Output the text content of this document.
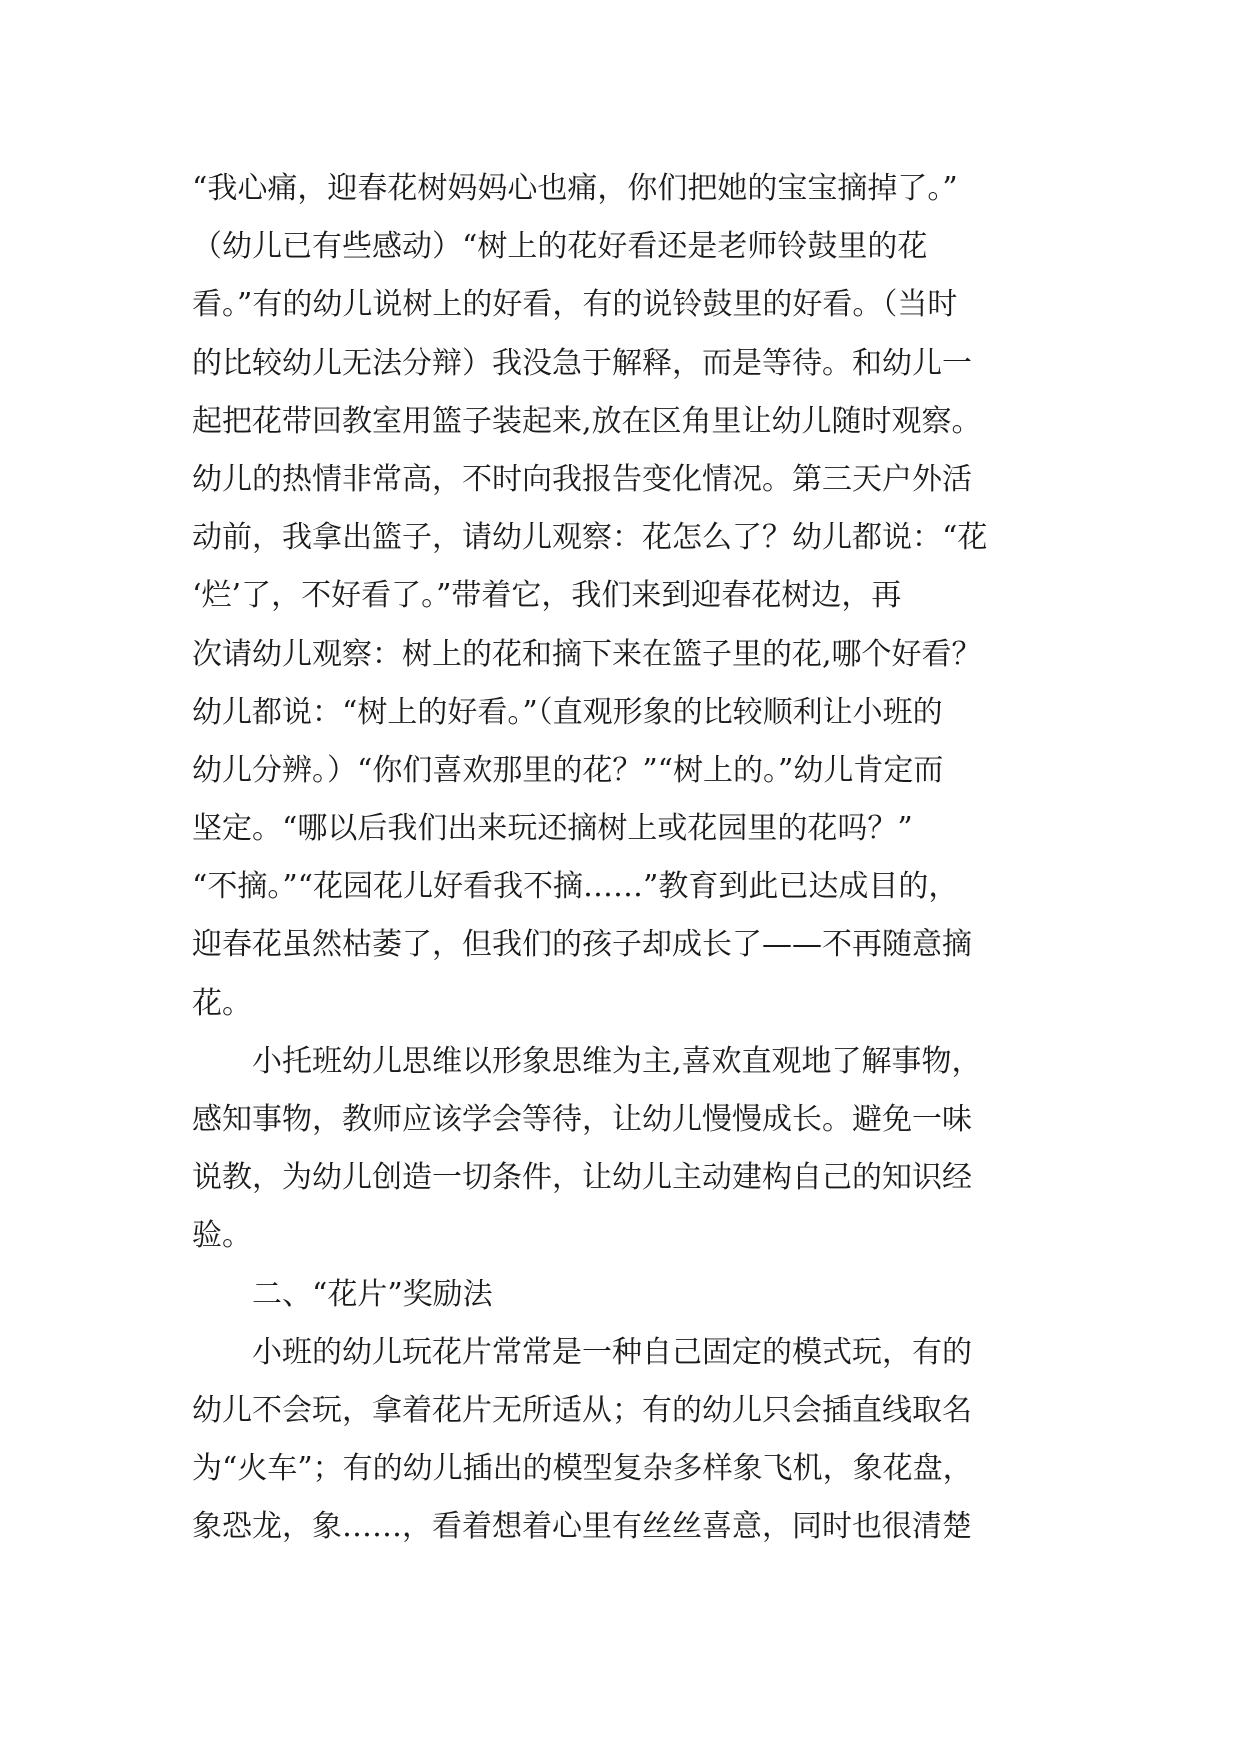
“我心痛，迎春花树妈妈心也痛，你们把她的宝宝摘掉了。”
（幼儿已有些感动）“树上的花好看还是老师铃鼓里的花
看。”有的幼儿说树上的好看，有的说铃鼓里的好看。（当时
的比较幼儿无法分辩）我没急于解释，而是等待。和幼儿一
起把花带回教室用篮子装起来,放在区角里让幼儿随时观察。
幼儿的热情非常高，不时向我报告变化情况。第三天户外活
动前，我拿出篮子，请幼儿观察：花怎么了？幼儿都说：“花
‘烂’了，不好看了。”带着它，我们来到迎春花树边，再
次请幼儿观察：树上的花和摘下来在篮子里的花,哪个好看？
幼儿都说：“树上的好看。”（直观形象的比较顺利让小班的
幼儿分辨。）“你们喜欢那里的花？”“树上的。”幼儿肯定而
坚定。“哪以后我们出来玩还摘树上或花园里的花吗？”
“不摘。”“花园花儿好看我不摘……”教育到此已达成目的，
迎春花虽然枯萎了，但我们的孩子却成长了——不再随意摘
花。
小托班幼儿思维以形象思维为主,喜欢直观地了解事物，
感知事物，教师应该学会等待，让幼儿慢慢成长。避免一味
说教，为幼儿创造一切条件，让幼儿主动建构自己的知识经
验。
二、“花片”奖励法
小班的幼儿玩花片常常是一种自己固定的模式玩，有的
幼儿不会玩，拿着花片无所适从；有的幼儿只会插直线取名
为“火车”；有的幼儿插出的模型复杂多样象飞机，象花盘，
象恐龙，象……，看着想着心里有丝丝喜意，同时也很清楚
